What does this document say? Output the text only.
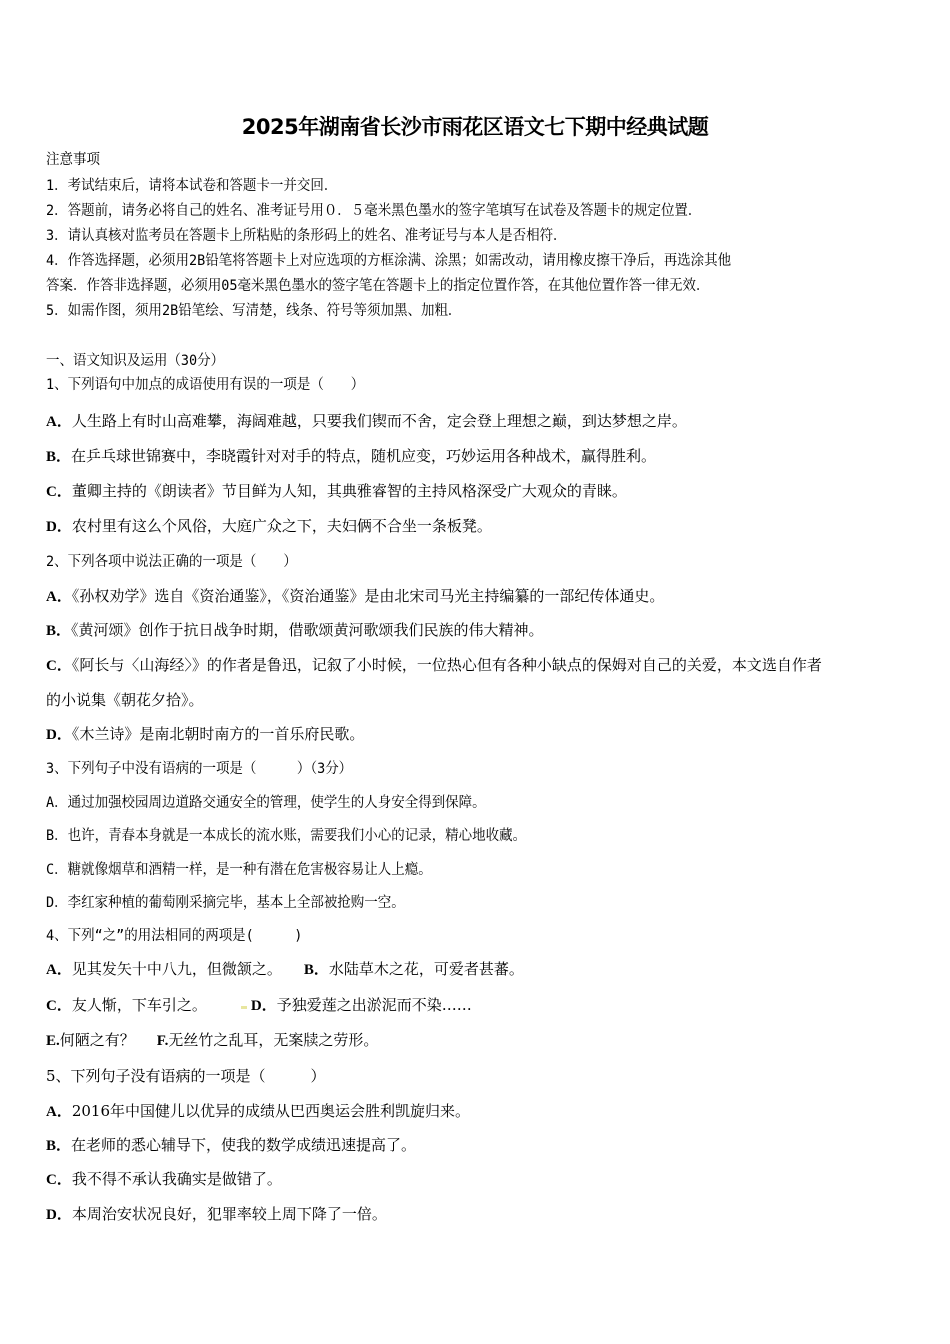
2025年湖南省长沙市雨花区语文七下期中经典试题
注意事项
1．考试结束后，请将本试卷和答题卡一并交回．
2．答题前，请务必将自己的姓名、准考证号用０．５毫米黑色墨水的签字笔填写在试卷及答题卡的规定位置．
3．请认真核对监考员在答题卡上所粘贴的条形码上的姓名、准考证号与本人是否相符．
4．作答选择题，必须用2B铅笔将答题卡上对应选项的方框涂满、涂黑；如需改动，请用橡皮擦干净后，再选涂其他
答案．作答非选择题，必须用05毫米黑色墨水的签字笔在答题卡上的指定位置作答，在其他位置作答一律无效．
5．如需作图，须用2B铅笔绘、写清楚，线条、符号等须加黑、加粗．
一、语文知识及运用（30分）
1、下列语句中加点的成语使用有误的一项是（　　）
A．人生路上有时山高难攀，海阔难越，只要我们锲而不舍，定会登上理想之巅，到达梦想之岸。
B．在乒乓球世锦赛中，李晓霞针对对手的特点，随机应变，巧妙运用各种战术，赢得胜利。
C．董卿主持的《朗读者》节目鲜为人知，其典雅睿智的主持风格深受广大观众的青睐。
D．农村里有这么个风俗，大庭广众之下，夫妇俩不合坐一条板凳。
2、下列各项中说法正确的一项是（　　）
A．《孙权劝学》选自《资治通鉴》，《资治通鉴》是由北宋司马光主持编纂的一部纪传体通史。
B．《黄河颂》创作于抗日战争时期，借歌颂黄河歌颂我们民族的伟大精神。
C．《阿长与〈山海经〉》的作者是鲁迅，记叙了小时候，一位热心但有各种小缺点的保姆对自己的关爱，本文选自作者
的小说集《朝花夕拾》。
D．《木兰诗》是南北朝时南方的一首乐府民歌。
3、下列句子中没有语病的一项是（　　　）（3分）
A．通过加强校园周边道路交通安全的管理，使学生的人身安全得到保障。
B．也许，青春本身就是一本成长的流水账，需要我们小心的记录，精心地收藏。
C．糖就像烟草和酒精一样，是一种有潜在危害极容易让人上瘾。
D．李红家种植的葡萄刚采摘完毕，基本上全部被抢购一空。
4、下列“之”的用法相同的两项是(　　　)
A．见其发矢十中八九，但微颔之。 B．水陆草木之花，可爱者甚蕃。
C．友人惭，下车引之。	D．予独爱莲之出淤泥而不染……
E.何陋之有？ F.无丝竹之乱耳，无案牍之劳形。
5、下列句子没有语病的一项是（　　　）
A．2016年中国健儿以优异的成绩从巴西奥运会胜利凯旋归来。
B．在老师的悉心辅导下，使我的数学成绩迅速提高了。
C．我不得不承认我确实是做错了。
D．本周治安状况良好，犯罪率较上周下降了一倍。
